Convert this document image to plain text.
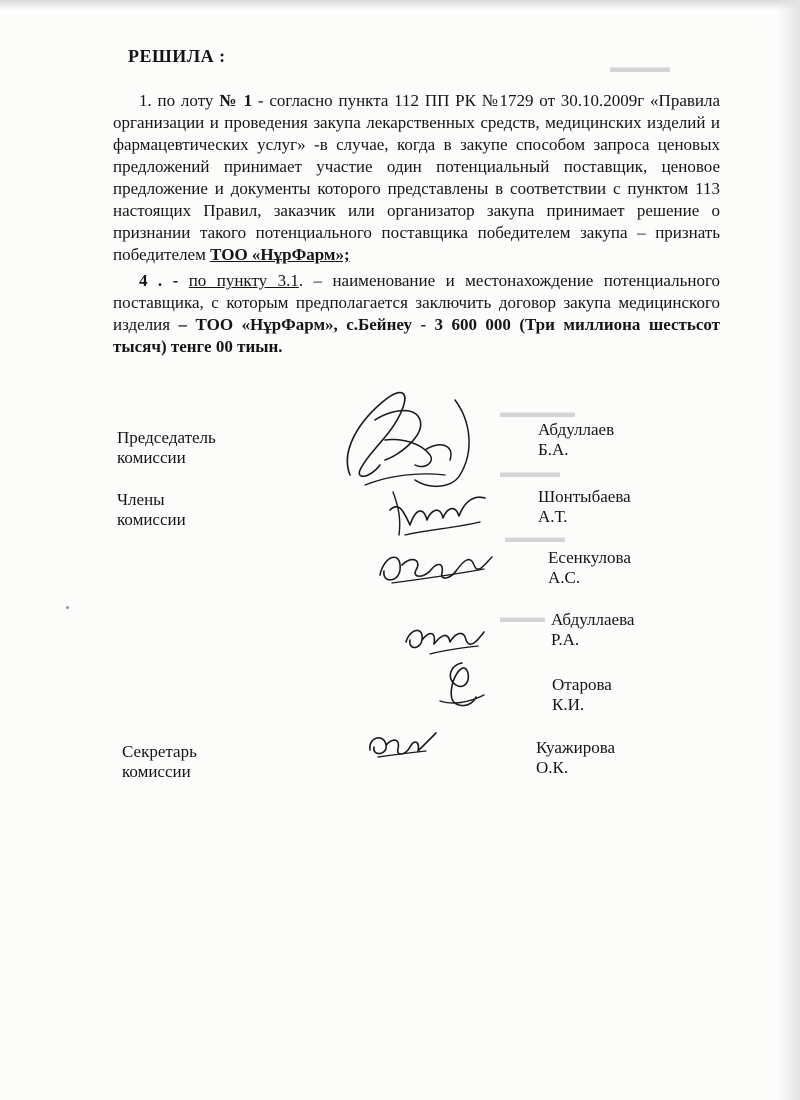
▬▬▬▬
▬▬▬▬▬
▬▬▬▬
▬▬▬▬
▬▬▬
РЕШИЛА :
1. по лоту № 1 - согласно пункта 112 ПП РК №1729 от 30.10.2009г «Правила организации и проведения закупа лекарственных средств, медицинских изделий и фармацевтических услуг» -в случае, когда в закупе способом запроса ценовых предложений принимает участие один потенциальный поставщик, ценовое предложение и документы которого представлены в соответствии с пунктом 113 настоящих Правил, заказчик или организатор закупа принимает решение о признании такого потенциального поставщика победителем закупа – признать победителем ТОО «НұрФарм»;
4 . - по пункту 3.1. – наименование и местонахождение потенциального поставщика, с которым предполагается заключить договор закупа медицинского изделия – ТОО «НұрФарм», с.Бейнеу - 3 600 000 (Три миллиона шестьсот тысяч) тенге 00 тиын.
Председатель комиссии
Абдуллаев Б.А.
Члены комиссии
Шонтыбаева А.Т.
Есенкулова А.С.
Абдуллаева Р.А.
Отарова К.И.
Секретарь комиссии
Куажирова О.К.
